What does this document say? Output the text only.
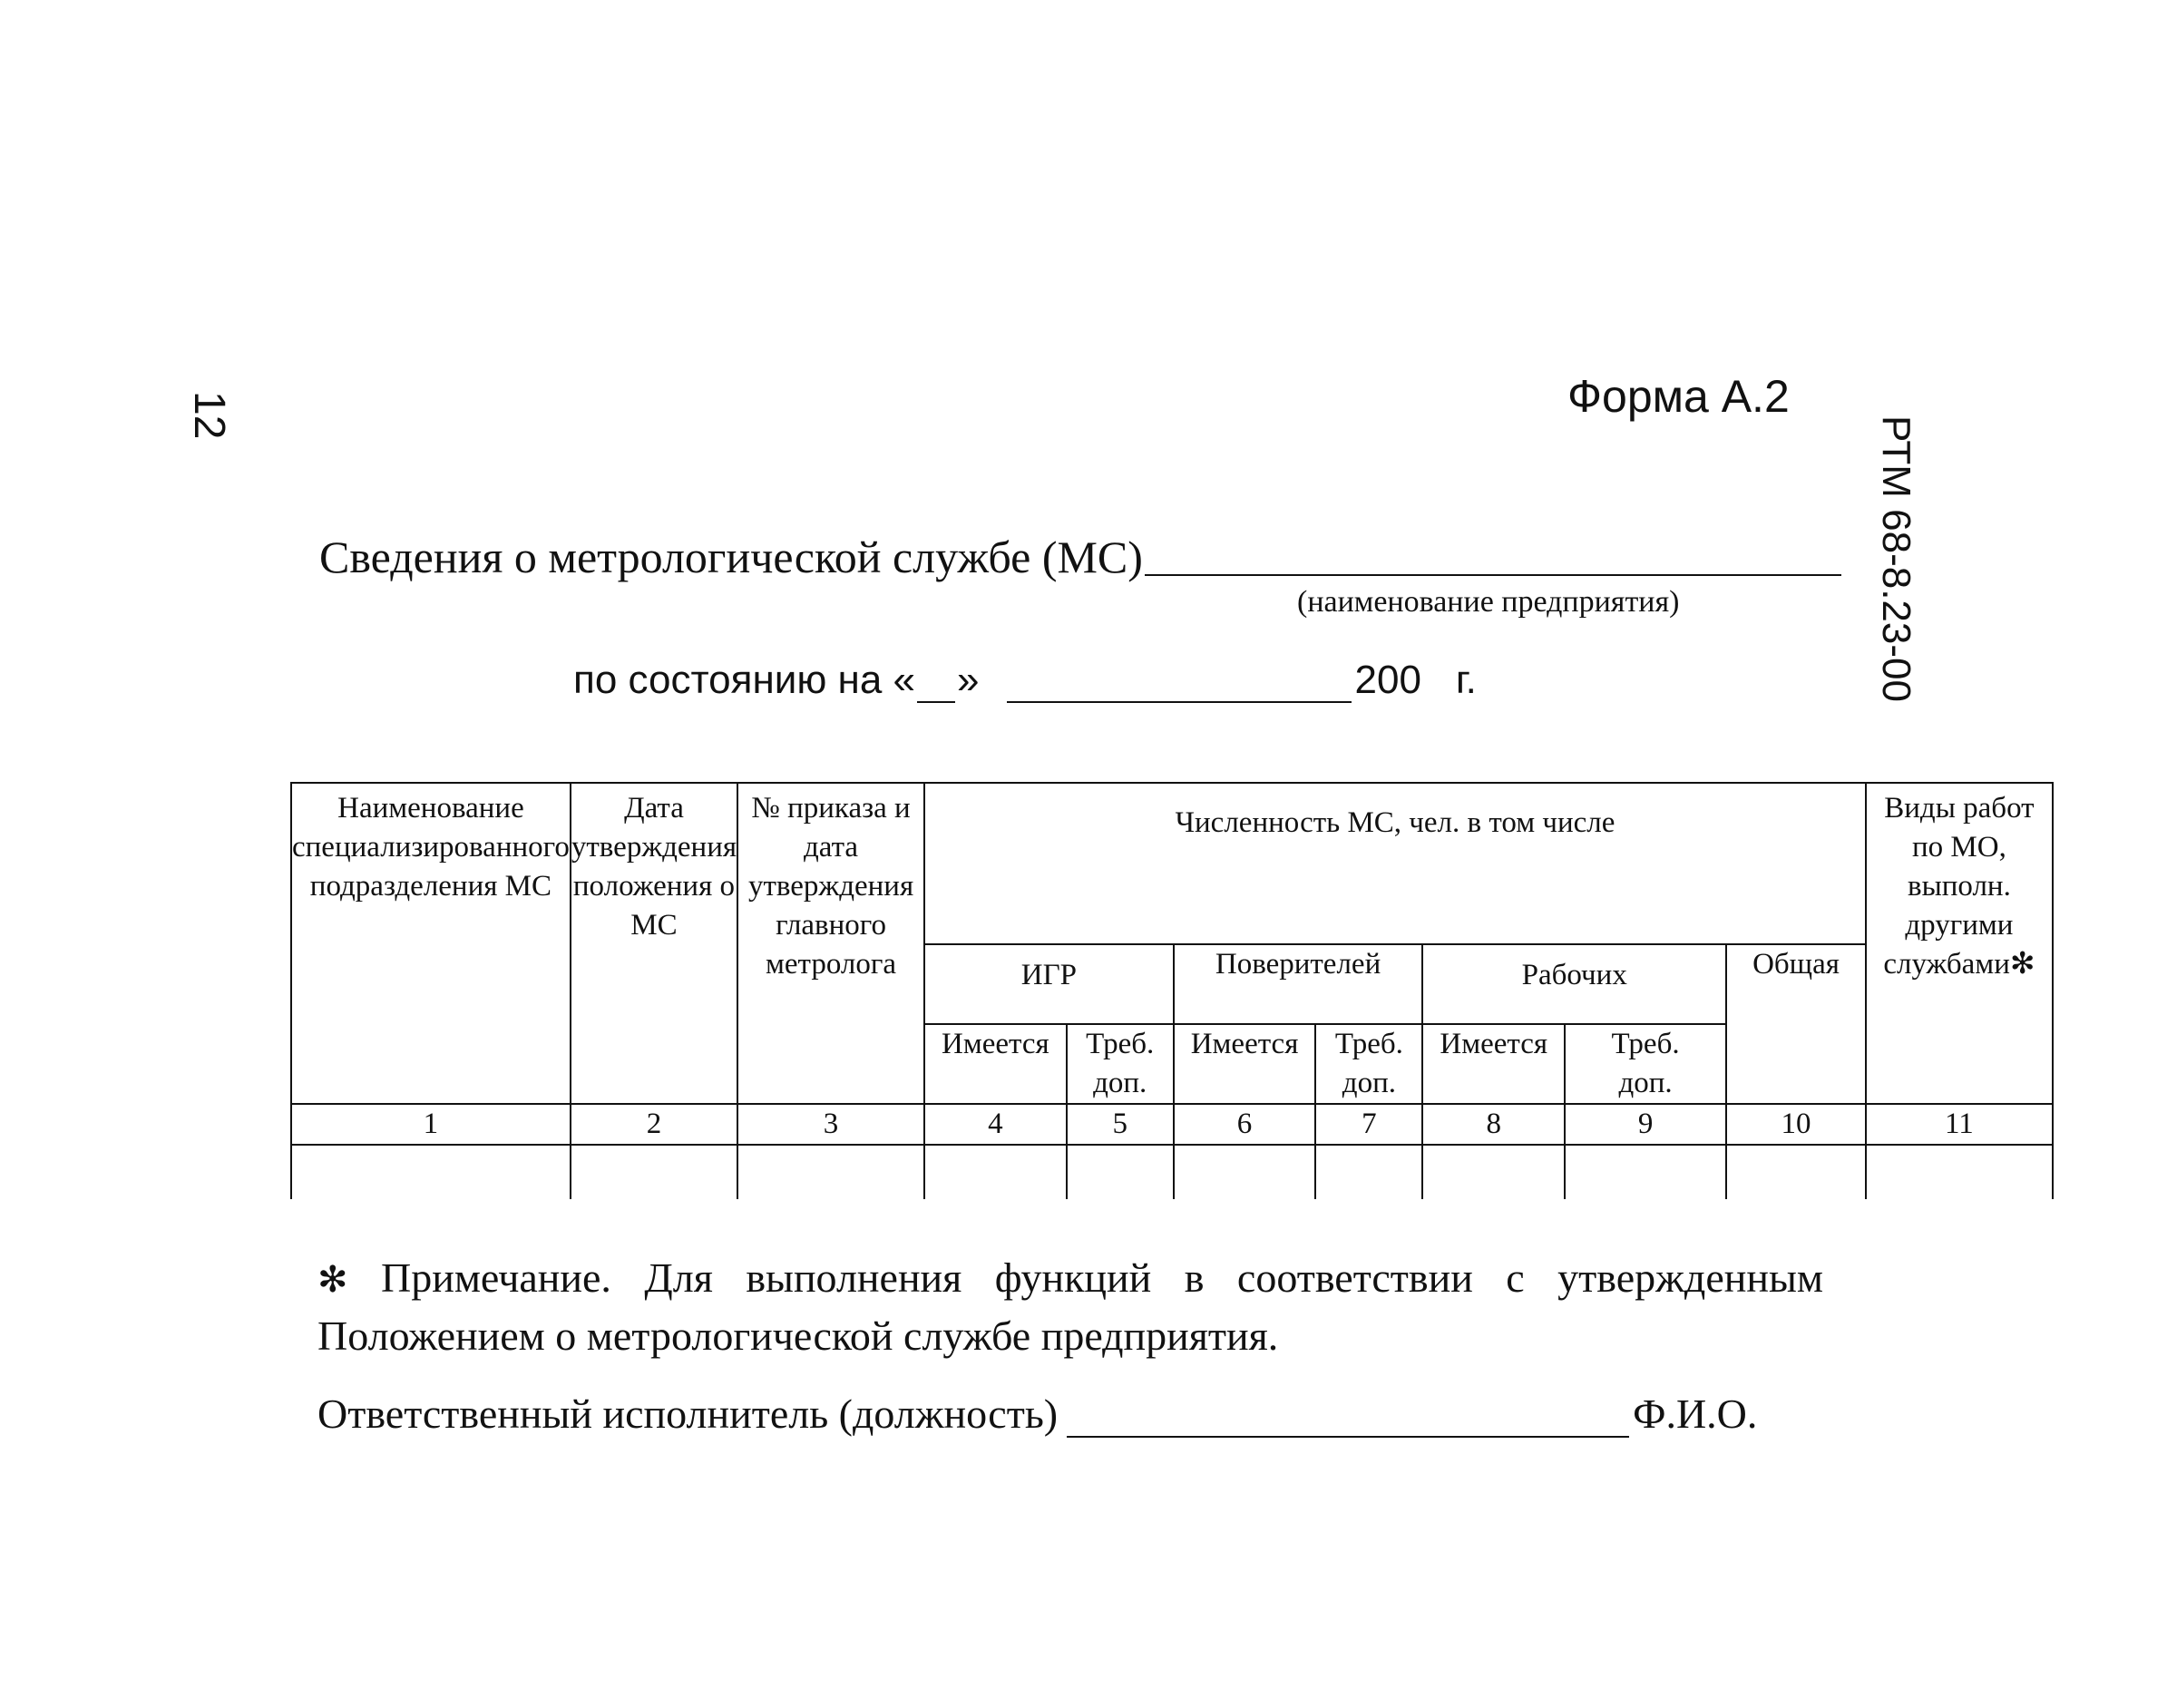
12
РТМ 68-8.23-00
Форма А.2
Сведения о метрологической службе (МС)
(наименование предприятия)
по состоянию на « »	200 г.
Наименование специализированного подразделения МС	Дата утверждения положения о МС	№ приказа и дата утверждения главного метролога	Численность МС, чел. в том числе							Виды работ по МО, выполн. другими службами✻
			ИГР		Поверителей		Рабочих		Общая	
			Имеется	Треб. доп.	Имеется	Треб. доп.	Имеется	Треб. доп.		
1	2	3	4	5	6	7	8	9	10	11

✻ Примечание. Для выполнения функций в соответствии с утвержденным Положением о метрологической службе предприятия.
Ответственный исполнитель (должность)	Ф.И.О.
